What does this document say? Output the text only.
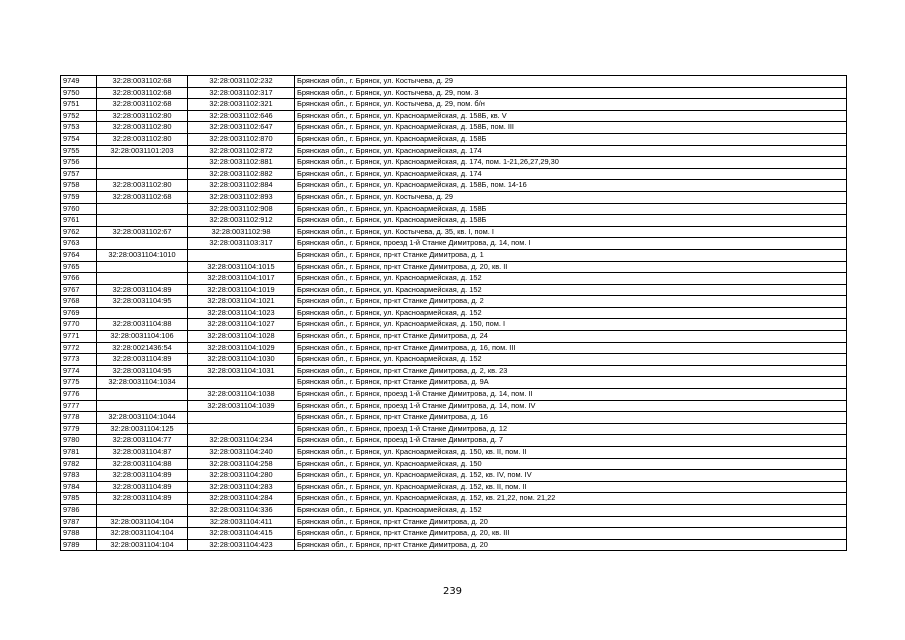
9749	32:28:0031102:68	32:28:0031102:232	Брянская обл., г. Брянск, ул. Костычева, д. 29
9750	32:28:0031102:68	32:28:0031102:317	Брянская обл., г. Брянск, ул. Костычева, д. 29, пом. 3
9751	32:28:0031102:68	32:28:0031102:321	Брянская обл., г. Брянск, ул. Костычева, д. 29, пом. б/н
9752	32:28:0031102:80	32:28:0031102:646	Брянская обл., г. Брянск, ул. Красноармейская, д. 158Б, кв. V
9753	32:28:0031102:80	32:28:0031102:647	Брянская обл., г. Брянск, ул. Красноармейская, д. 158Б, пом. III
9754	32:28:0031102:80	32:28:0031102:870	Брянская обл., г. Брянск, ул. Красноармейская, д. 158Б
9755	32:28:0031101:203	32:28:0031102:872	Брянская обл., г. Брянск, ул. Красноармейская, д. 174
9756		32:28:0031102:881	Брянская обл., г. Брянск, ул. Красноармейская, д. 174, пом. 1-21,26,27,29,30
9757		32:28:0031102:882	Брянская обл., г. Брянск, ул. Красноармейская, д. 174
9758	32:28:0031102:80	32:28:0031102:884	Брянская обл., г. Брянск, ул. Красноармейская, д. 158Б, пом. 14-16
9759	32:28:0031102:68	32:28:0031102:893	Брянская обл., г. Брянск, ул. Костычева, д. 29
9760		32:28:0031102:908	Брянская обл., г. Брянск, ул. Красноармейская, д. 158Б
9761		32:28:0031102:912	Брянская обл., г. Брянск, ул. Красноармейская, д. 158Б
9762	32:28:0031102:67	32:28:0031102:98	Брянская обл., г. Брянск, ул. Костычева, д. 35, кв. I, пом. I
9763		32:28:0031103:317	Брянская обл., г. Брянск, проезд 1-й Станке Димитрова, д. 14, пом. I
9764	32:28:0031104:1010		Брянская обл., г. Брянск, пр-кт Станке Димитрова, д. 1
9765		32:28:0031104:1015	Брянская обл., г. Брянск, пр-кт Станке Димитрова, д. 20, кв. II
9766		32:28:0031104:1017	Брянская обл., г. Брянск, ул. Красноармейская, д. 152
9767	32:28:0031104:89	32:28:0031104:1019	Брянская обл., г. Брянск, ул. Красноармейская, д. 152
9768	32:28:0031104:95	32:28:0031104:1021	Брянская обл., г. Брянск, пр-кт Станке Димитрова, д. 2
9769		32:28:0031104:1023	Брянская обл., г. Брянск, ул. Красноармейская, д. 152
9770	32:28:0031104:88	32:28:0031104:1027	Брянская обл., г. Брянск, ул. Красноармейская, д. 150, пом. I
9771	32:28:0031104:106	32:28:0031104:1028	Брянская обл., г. Брянск, пр-кт Станке Димитрова, д. 24
9772	32:28:0021436:54	32:28:0031104:1029	Брянская обл., г. Брянск, пр-кт Станке Димитрова, д. 16, пом. III
9773	32:28:0031104:89	32:28:0031104:1030	Брянская обл., г. Брянск, ул. Красноармейская, д. 152
9774	32:28:0031104:95	32:28:0031104:1031	Брянская обл., г. Брянск, пр-кт Станке Димитрова, д. 2, кв. 23
9775	32:28:0031104:1034		Брянская обл., г. Брянск, пр-кт Станке Димитрова, д. 9А
9776		32:28:0031104:1038	Брянская обл., г. Брянск, проезд 1-й Станке Димитрова, д. 14, пом. II
9777		32:28:0031104:1039	Брянская обл., г. Брянск, проезд 1-й Станке Димитрова, д. 14, пом. IV
9778	32:28:0031104:1044		Брянская обл., г. Брянск, пр-кт Станке Димитрова, д. 16
9779	32:28:0031104:125		Брянская обл., г. Брянск, проезд 1-й Станке Димитрова, д. 12
9780	32:28:0031104:77	32:28:0031104:234	Брянская обл., г. Брянск, проезд 1-й Станке Димитрова, д. 7
9781	32:28:0031104:87	32:28:0031104:240	Брянская обл., г. Брянск, ул. Красноармейская, д. 150, кв. II, пом. II
9782	32:28:0031104:88	32:28:0031104:258	Брянская обл., г. Брянск, ул. Красноармейская, д. 150
9783	32:28:0031104:89	32:28:0031104:280	Брянская обл., г. Брянск, ул. Красноармейская, д. 152, кв. IV, пом. IV
9784	32:28:0031104:89	32:28:0031104:283	Брянская обл., г. Брянск, ул. Красноармейская, д. 152, кв. II, пом. II
9785	32:28:0031104:89	32:28:0031104:284	Брянская обл., г. Брянск, ул. Красноармейская, д. 152, кв. 21,22, пом. 21,22
9786		32:28:0031104:336	Брянская обл., г. Брянск, ул. Красноармейская, д. 152
9787	32:28:0031104:104	32:28:0031104:411	Брянская обл., г. Брянск, пр-кт Станке Димитрова, д. 20
9788	32:28:0031104:104	32:28:0031104:415	Брянская обл., г. Брянск, пр-кт Станке Димитрова, д. 20, кв. III
9789	32:28:0031104:104	32:28:0031104:423	Брянская обл., г. Брянск, пр-кт Станке Димитрова, д. 20
239
